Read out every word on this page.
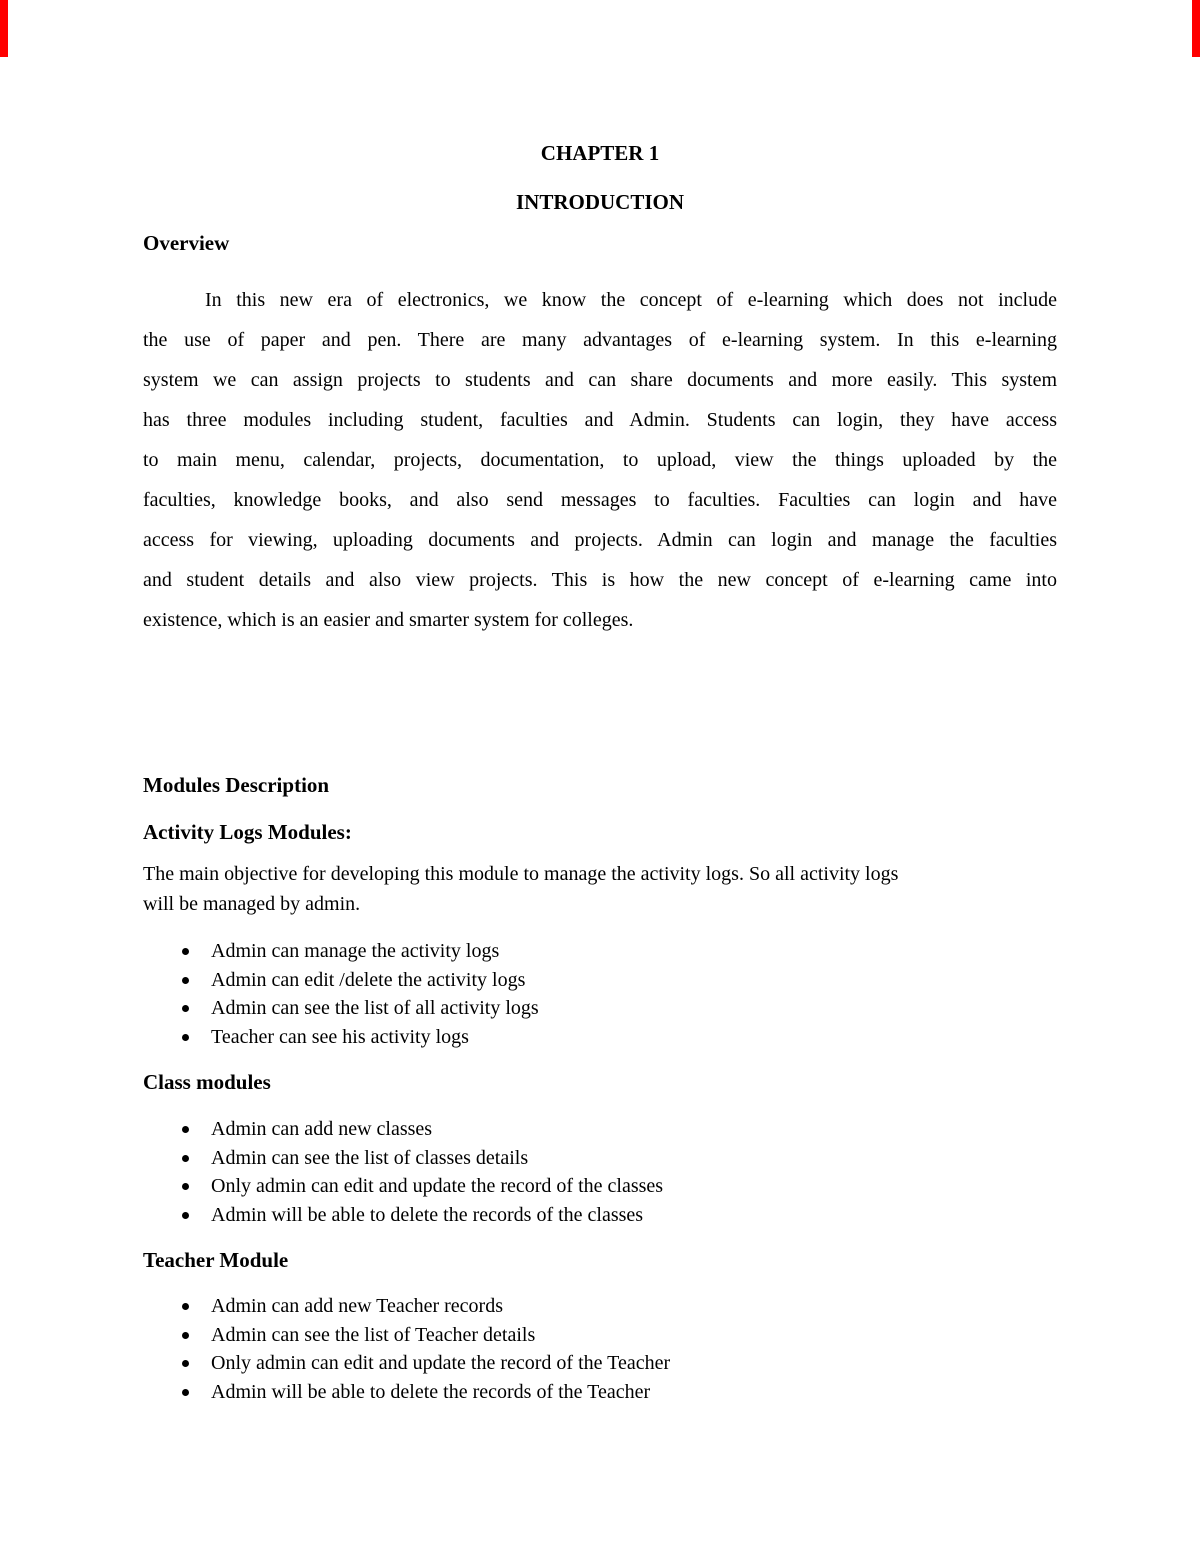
CHAPTER 1
INTRODUCTION
Overview
In this new era of electronics, we know the concept of e-learning which does not include
the use of paper and pen. There are many advantages of e-learning system. In this e-learning
system we can assign projects to students and can share documents and more easily. This system
has three modules including student, faculties and Admin. Students can login, they have access
to main menu, calendar, projects, documentation, to upload, view the things uploaded by the
faculties, knowledge books, and also send messages to faculties. Faculties can login and have
access for viewing, uploading documents and projects. Admin can login and manage the faculties
and student details and also view projects. This is how the new concept of e-learning came into
existence, which is an easier and smarter system for colleges.
Modules Description
Activity Logs Modules:
The main objective for developing this module to manage the activity logs. So all activity logs
will be managed by admin.
Admin can manage the activity logs
Admin can edit /delete the activity logs
Admin can see the list of all activity logs
Teacher can see his activity logs
Class modules
Admin can add new classes
Admin can see the list of classes details
Only admin can edit and update the record of the classes
Admin will be able to delete the records of the classes
Teacher Module
Admin can add new Teacher records
Admin can see the list of Teacher details
Only admin can edit and update the record of the Teacher
Admin will be able to delete the records of the Teacher
